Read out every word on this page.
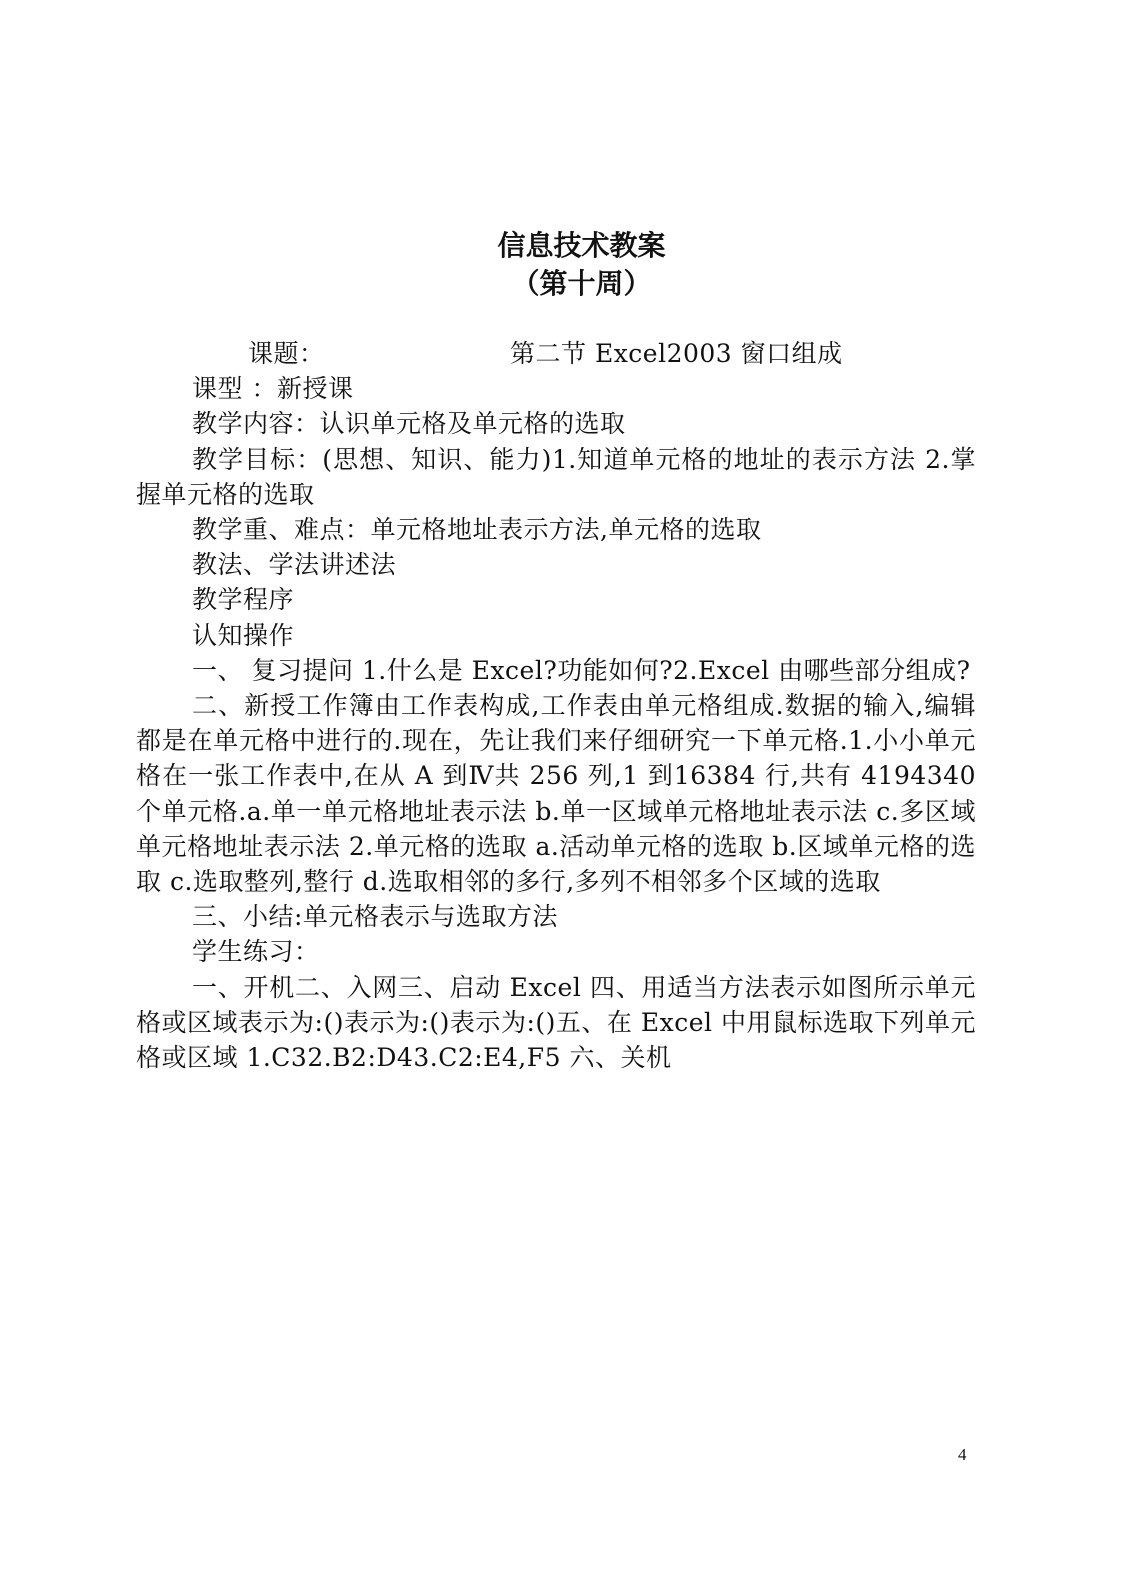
信息技术教案
（第十周）

课题：	第二节 Excel2003 窗口组成

课型 ：新授课

教学内容：认识单元格及单元格的选取

教学目标：(思想、知识、能力)1.知道单元格的地址的表示方法 2.掌握单元格的选取

教学重、难点：单元格地址表示方法,单元格的选取

教法、学法讲述法

教学程序

认知操作

一、 复习提问 1.什么是 Excel?功能如何?2.Excel 由哪些部分组成?

二、新授工作簿由工作表构成,工作表由单元格组成.数据的输入,编辑都是在单元格中进行的.现在，先让我们来仔细研究一下单元格.1.小小单元格在一张工作表中,在从 A 到Ⅳ共 256 列,1 到16384 行,共有 4194340 个单元格.a.单一单元格地址表示法 b.单一区域单元格地址表示法 c.多区域单元格地址表示法 2.单元格的选取 a.活动单元格的选取 b.区域单元格的选取 c.选取整列,整行 d.选取相邻的多行,多列不相邻多个区域的选取

三、小结:单元格表示与选取方法

学生练习：

一、开机二、入网三、启动 Excel 四、用适当方法表示如图所示单元格或区域表示为:()表示为:()表示为:()五、在 Excel 中用鼠标选取下列单元格或区域 1.C32.B2:D43.C2:E4,F5 六、关机

4
